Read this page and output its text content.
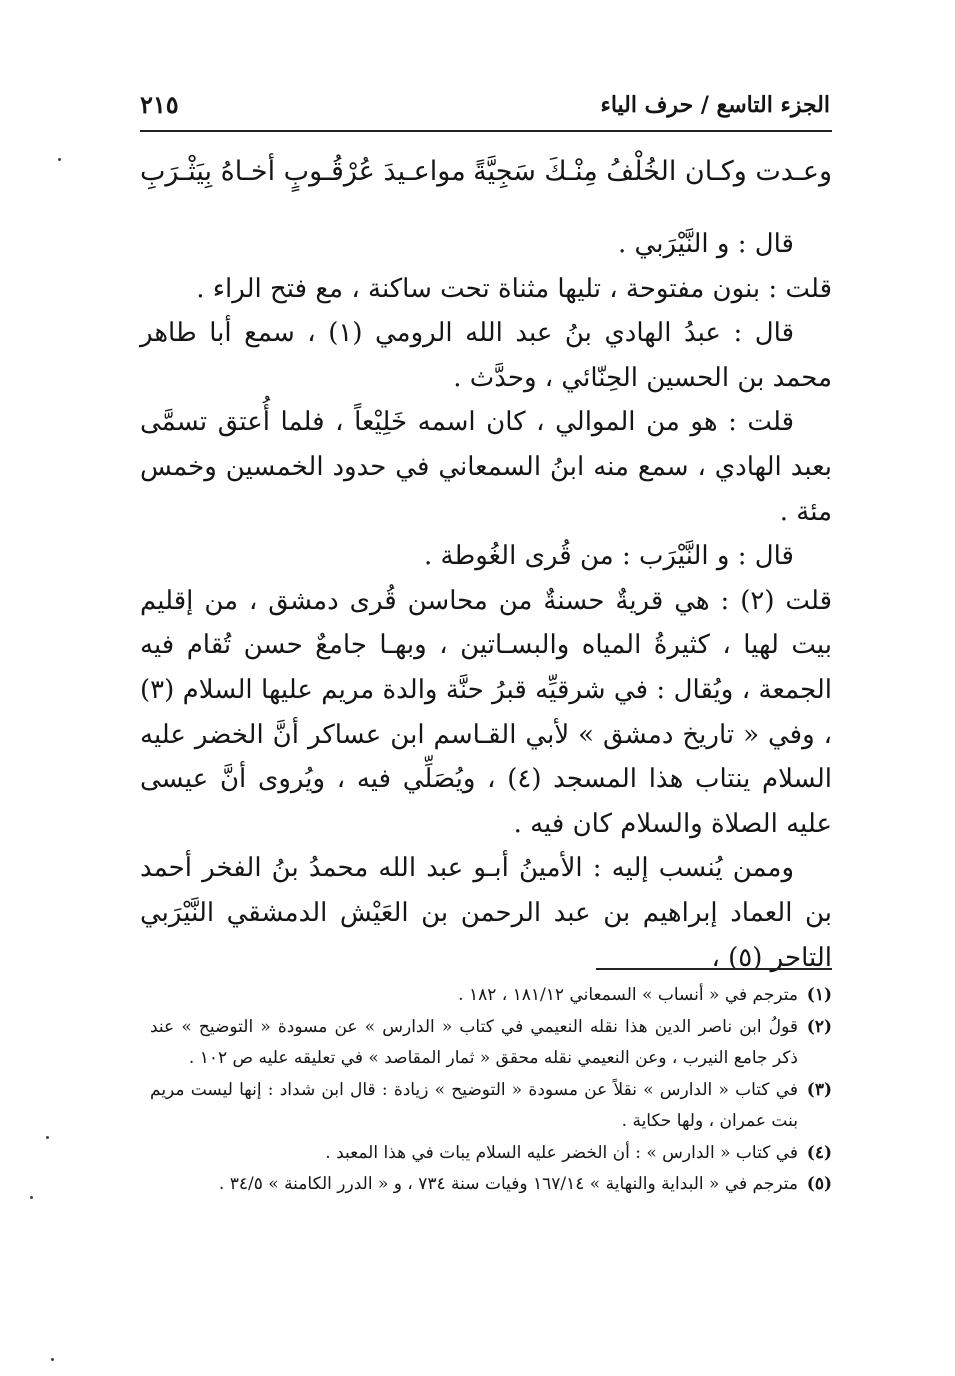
الجزء التاسع / حرف الياء
٢١٥
وعـدت وكـان الخُلْفُ مِنْـكَ سَجِيَّةً
مواعـيدَ عُرْقُـوبٍ أخـاهُ بِيَثْـرَبِ

قال : و النَّيْرَبي .

قلت : بنون مفتوحة ، تليها مثناة تحت ساكنة ، مع فتح الراء .

قال : عبدُ الهادي بنُ عبد الله الرومي (١) ، سمع أبا طاهر محمد بن الحسين الحِنّائي ، وحدَّث .

قلت : هو من الموالي ، كان اسمه خَلِيْعاً ، فلما أُعتق تسمَّى بعبد الهادي ، سمع منه ابنُ السمعاني في حدود الخمسين وخمس مئة .

قال : و النَّيْرَب : من قُرى الغُوطة .

قلت (٢) : هي قريةٌ حسنةٌ من محاسن قُرى دمشق ، من إقليم بيت لهيا ، كثيرةُ المياه والبسـاتين ، وبهـا جامعٌ حسن تُقام فيه الجمعة ، ويُقال : في شرقيِّه قبرُ حنَّة والدة مريم عليها السلام (٣) ، وفي « تاريخ دمشق » لأبي القـاسم ابن عساكر أنَّ الخضر عليه السلام ينتاب هذا المسجد (٤) ، ويُصَلِّي فيه ، ويُروى أنَّ عيسى عليه الصلاة والسلام كان فيه .

وممن يُنسب إليه : الأمينُ أبـو عبد الله محمدُ بنُ الفخر أحمد بن العماد إبراهيم بن عبد الرحمن بن العَيْش الدمشقي النَّيْرَبي التاجر (٥) ،

(١)
مترجم في « أنساب » السمعاني ١٨١/١٢ ، ١٨٢ .
(٢)
قولُ ابن ناصر الدين هذا نقله النعيمي في كتاب « الدارس » عن مسودة « التوضيح » عند ذكر جامع النيرب ، وعن النعيمي نقله محقق « ثمار المقاصد » في تعليقه عليه ص ١٠٢ .
(٣)
في كتاب « الدارس » نقلاً عن مسودة « التوضيح » زيادة : قال ابن شداد : إنها ليست مريم بنت عمران ، ولها حكاية .
(٤)
في كتاب « الدارس » : أن الخضر عليه السلام يبات في هذا المعبد .
(٥)
مترجم في « البداية والنهاية » ١٦٧/١٤ وفيات سنة ٧٣٤ ، و « الدرر الكامنة » ٣٤/٥ .
